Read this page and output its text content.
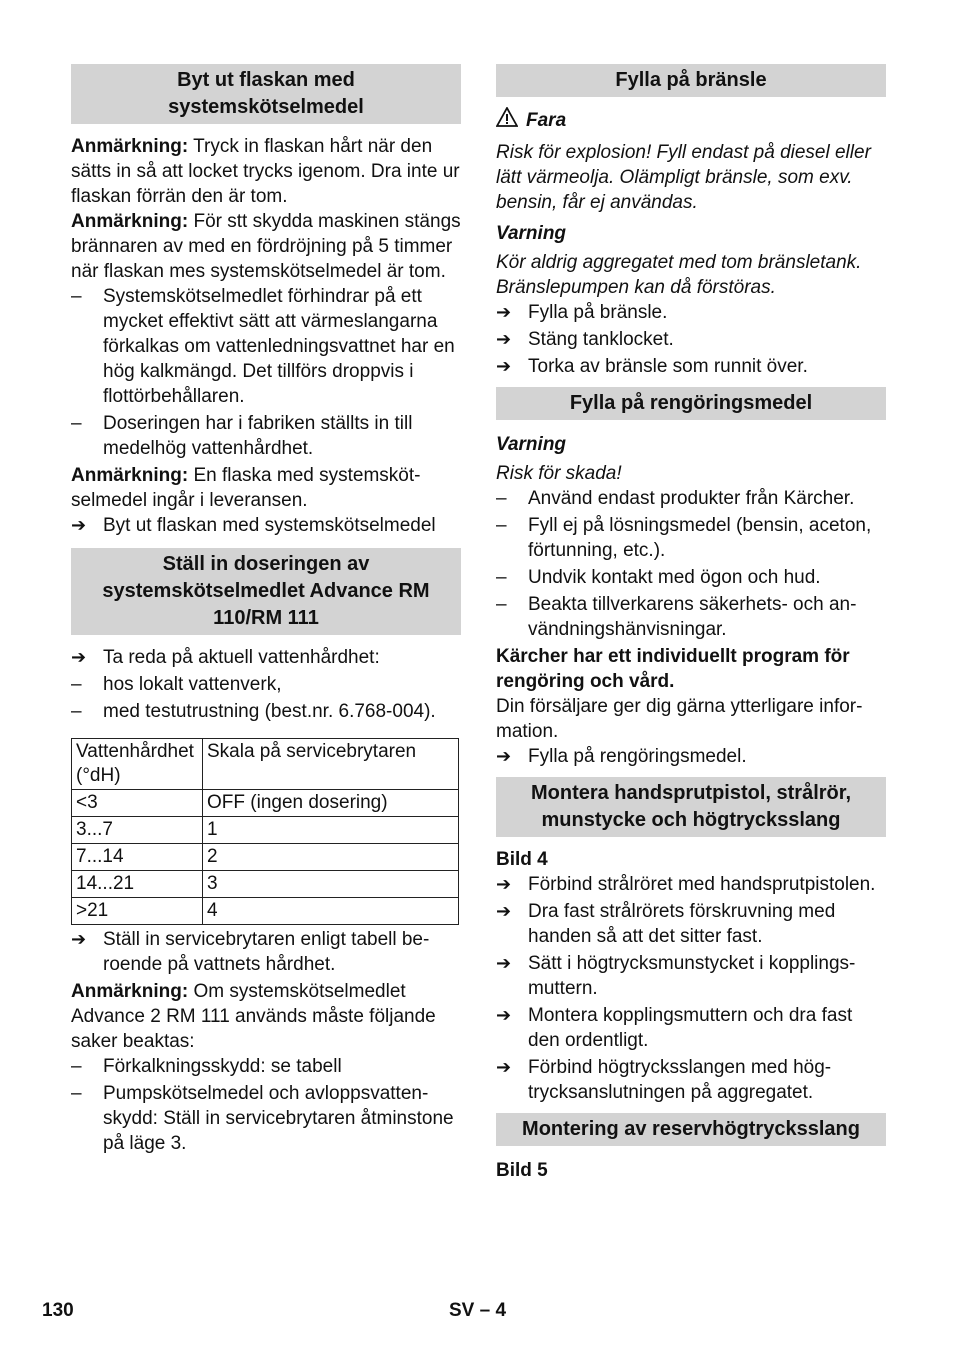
Byt ut flaskan med systemskötselmedel

Anmärkning: Tryck in flaskan hårt när den sätts in så att locket trycks igenom. Dra inte ur flaskan förrän den är tom.

Anmärkning: För stt skydda maskinen stängs brännaren av med en fördröjning på 5 timmer när flaskan mes systemskötselmedel är tom.

–	Systemskötselmedlet förhindrar på ett mycket effektivt sätt att värmeslangarna förkalkas om vattenledningsvattnet har en hög kalkmängd. Det tillförs droppvis i flottörbehållaren.
–	Doseringen har i fabriken ställts in till medelhög vattenhårdhet.

Anmärkning: En flaska med systemskötselmedel ingår i leveransen.

➔ Byt ut flaskan med systemskötselmedel
Ställ in doseringen av systemskötselmedlet Advance RM 110/RM 111
➔ Ta reda på aktuell vattenhårdhet:
–	hos lokalt vattenverk,
–	med testutrustning (best.nr. 6.768-004).
Vattenhårdhet (°dH)	Skala på servicebrytaren
<3	OFF (ingen dosering)
3...7	1
7...14	2
14...21	3
>21	4
➔ Ställ in servicebrytaren enligt tabell beroende på vattnets hårdhet.

Anmärkning: Om systemskötselmedlet Advance 2 RM 111 används måste följande saker beaktas:

–	Förkalkningsskydd: se tabell
–	Pumpskötselmedel och avloppsvattenskydd: Ställ in servicebrytaren åtminstone på läge 3.
Fylla på bränsle
Fara

Risk för explosion! Fyll endast på diesel eller lätt värmeolja. Olämpligt bränsle, som exv. bensin, får ej användas.

Varning

Kör aldrig aggregatet med tom bränsletank. Bränslepumpen kan då förstöras.

➔ Fylla på bränsle.
➔ Stäng tanklocket.
➔ Torka av bränsle som runnit över.
Fylla på rengöringsmedel

Varning

Risk för skada!

–	Använd endast produkter från Kärcher.
–	Fyll ej på lösningsmedel (bensin, aceton, förtunning, etc.).
–	Undvik kontakt med ögon och hud.
–	Beakta tillverkarens säkerhets- och användningshänvisningar.

Kärcher har ett individuellt program för rengöring och vård.

Din försäljare ger dig gärna ytterligare information.

➔ Fylla på rengöringsmedel.
Montera handsprutpistol, strålrör, munstycke och högtrycksslang

Bild 4

➔ Förbind strålröret med handsprutpistolen.
➔ Dra fast strålrörets förskruvning med handen så att det sitter fast.
➔ Sätt i högtrycksmunstycket i kopplingsmuttern.
➔ Montera kopplingsmuttern och dra fast den ordentligt.
➔ Förbind högtrycksslangen med högtrycksanslutningen på aggregatet.
Montering av reservhögtrycksslang

Bild 5

130	SV – 4
